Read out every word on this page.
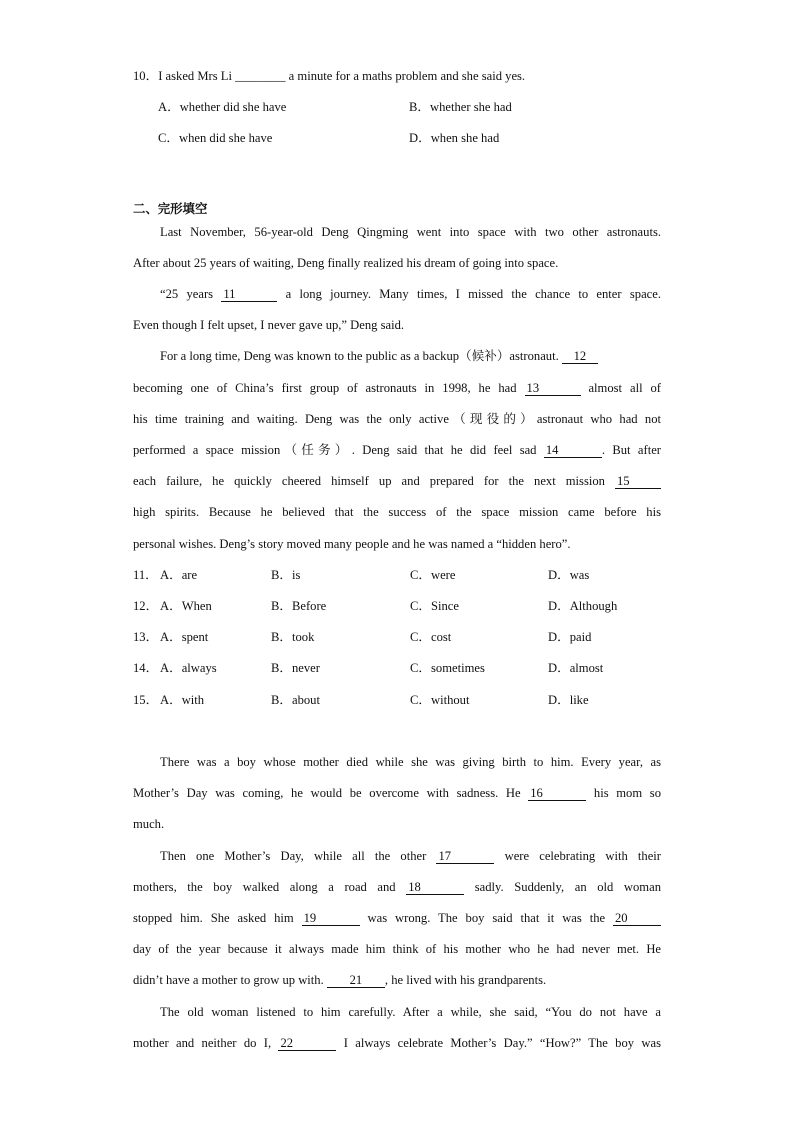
10．I asked Mrs Li ________ a minute for a maths problem and she said yes.
A．whether did she have	B．whether she had
C．when did she have	D．when she had
二、完形填空
Last November, 56-year-old Deng Qingming went into space with two other astronauts.
After about 25 years of waiting, Deng finally realized his dream of going into space.
“25 years 11	a long journey. Many times, I missed the chance to enter space.
Even though I felt upset, I never gave up,” Deng said.
For a long time, Deng was known to the public as a backup（候补）astronaut. 12
becoming one of China’s first group of astronauts in 1998, he had 13	almost all of
his time training and waiting. Deng was the only active（现役的）astronaut who had not
performed a space mission（任务）. Deng said that he did feel sad 14	. But after
each failure, he quickly cheered himself up and prepared for the next mission 15
high spirits. Because he believed that the success of the space mission came before his
personal wishes. Deng’s story moved many people and he was named a “hidden hero”.
11． A．are	B．is	C．were	D．was
12． A．When	B．Before	C．Since	D．Although
13． A．spent	B．took	C．cost	D．paid
14． A．always	B．never	C．sometimes	D．almost
15． A．with	B．about	C．without	D．like
There was a boy whose mother died while she was giving birth to him. Every year, as
Mother’s Day was coming, he would be overcome with sadness. He 16	his mom so
much.
Then one Mother’s Day, while all the other 17	were celebrating with their
mothers, the boy walked along a road and 18	sadly. Suddenly, an old woman
stopped him. She asked him 19	was wrong. The boy said that it was the 20
day of the year because it always made him think of his mother who he had never met. He
didn’t have a mother to grow up with. 21 , he lived with his grandparents.
The old woman listened to him carefully. After a while, she said, “You do not have a
mother and neither do I, 22	I always celebrate Mother’s Day.” “How?” The boy was
